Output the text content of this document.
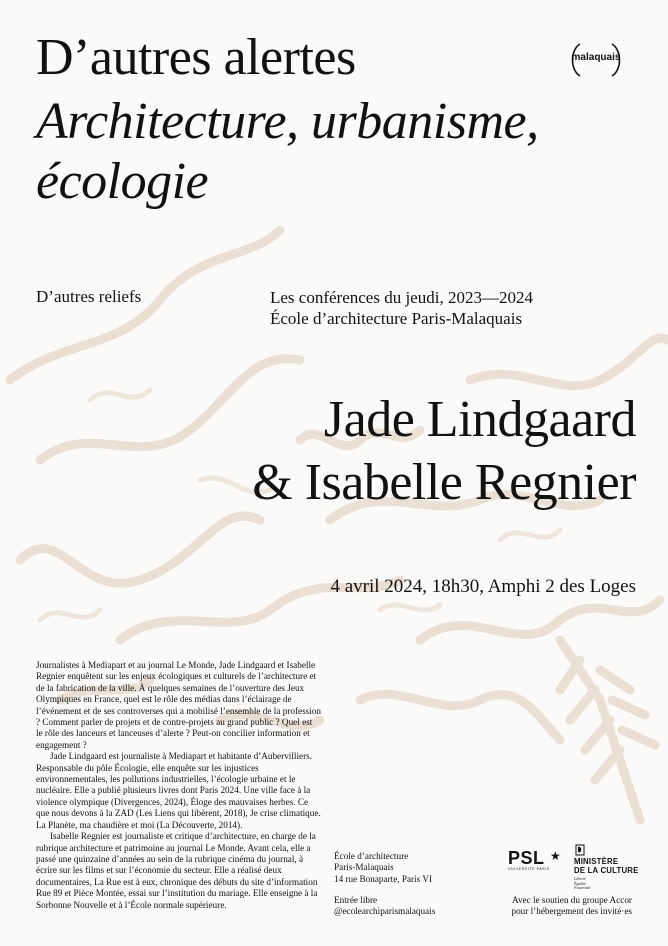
D’autres alertes
Architecture, urbanisme, écologie
malaquais
D’autres reliefs	Les conférences du jeudi, 2023—2024
École d’architecture Paris-Malaquais
Jade Lindgaard
& Isabelle Regnier
4 avril 2024, 18h30, Amphi 2 des Loges

Journalistes à Mediapart et au journal Le Monde, Jade Lindgaard et Isabelle Regnier enquêtent sur les enjeux écologiques et culturels de l’architecture et de la fabrication de la ville. À quelques semaines de l’ouverture des Jeux Olympiques en France, quel est le rôle des médias dans l’éclairage de l’événement et de ses controverses qui a mobilisé l’ensemble de la profession ? Comment parler de projets et de contre-projets au grand public ? Quel est le rôle des lanceurs et lanceuses d’alerte ? Peut-on concilier information et engagement ?

Jade Lindgaard est journaliste à Mediapart et habitante d’Aubervilliers. Responsable du pôle Écologie, elle enquête sur les injustices environnementales, les pollutions industrielles, l’écologie urbaine et le nucléaire. Elle a publié plusieurs livres dont Paris 2024. Une ville face à la violence olympique (Divergences, 2024), Éloge des mauvaises herbes. Ce que nous devons à la ZAD (Les Liens qui libèrent, 2018), Je crise climatique. La Planète, ma chaudière et moi (La Découverte, 2014).

Isabelle Regnier est journaliste et critique d’architecture, en charge de la rubrique architecture et patrimoine au journal Le Monde. Avant cela, elle a passé une quinzaine d’années au sein de la rubrique cinéma du journal, à écrire sur les films et sur l’économie du secteur. Elle a réalisé deux documentaires, La Rue est à eux, chronique des débuts du site d’information Rue 89 et Pièce Montée, essai sur l’institution du mariage. Elle enseigne à la Sorbonne Nouvelle et à l’École normale supérieure.

École d’architecture
Paris-Malaquais
14 rue Bonaparte, Paris VI
Entrée libre
@ecolearchiparismalaquais
PSL ★
UNIVERSITÉ PARIS
MINISTÈRE
DE LA CULTURE
Liberté
Égalité
Fraternité
Avec le soutien du groupe Accor
pour l’hébergement des invité·es
